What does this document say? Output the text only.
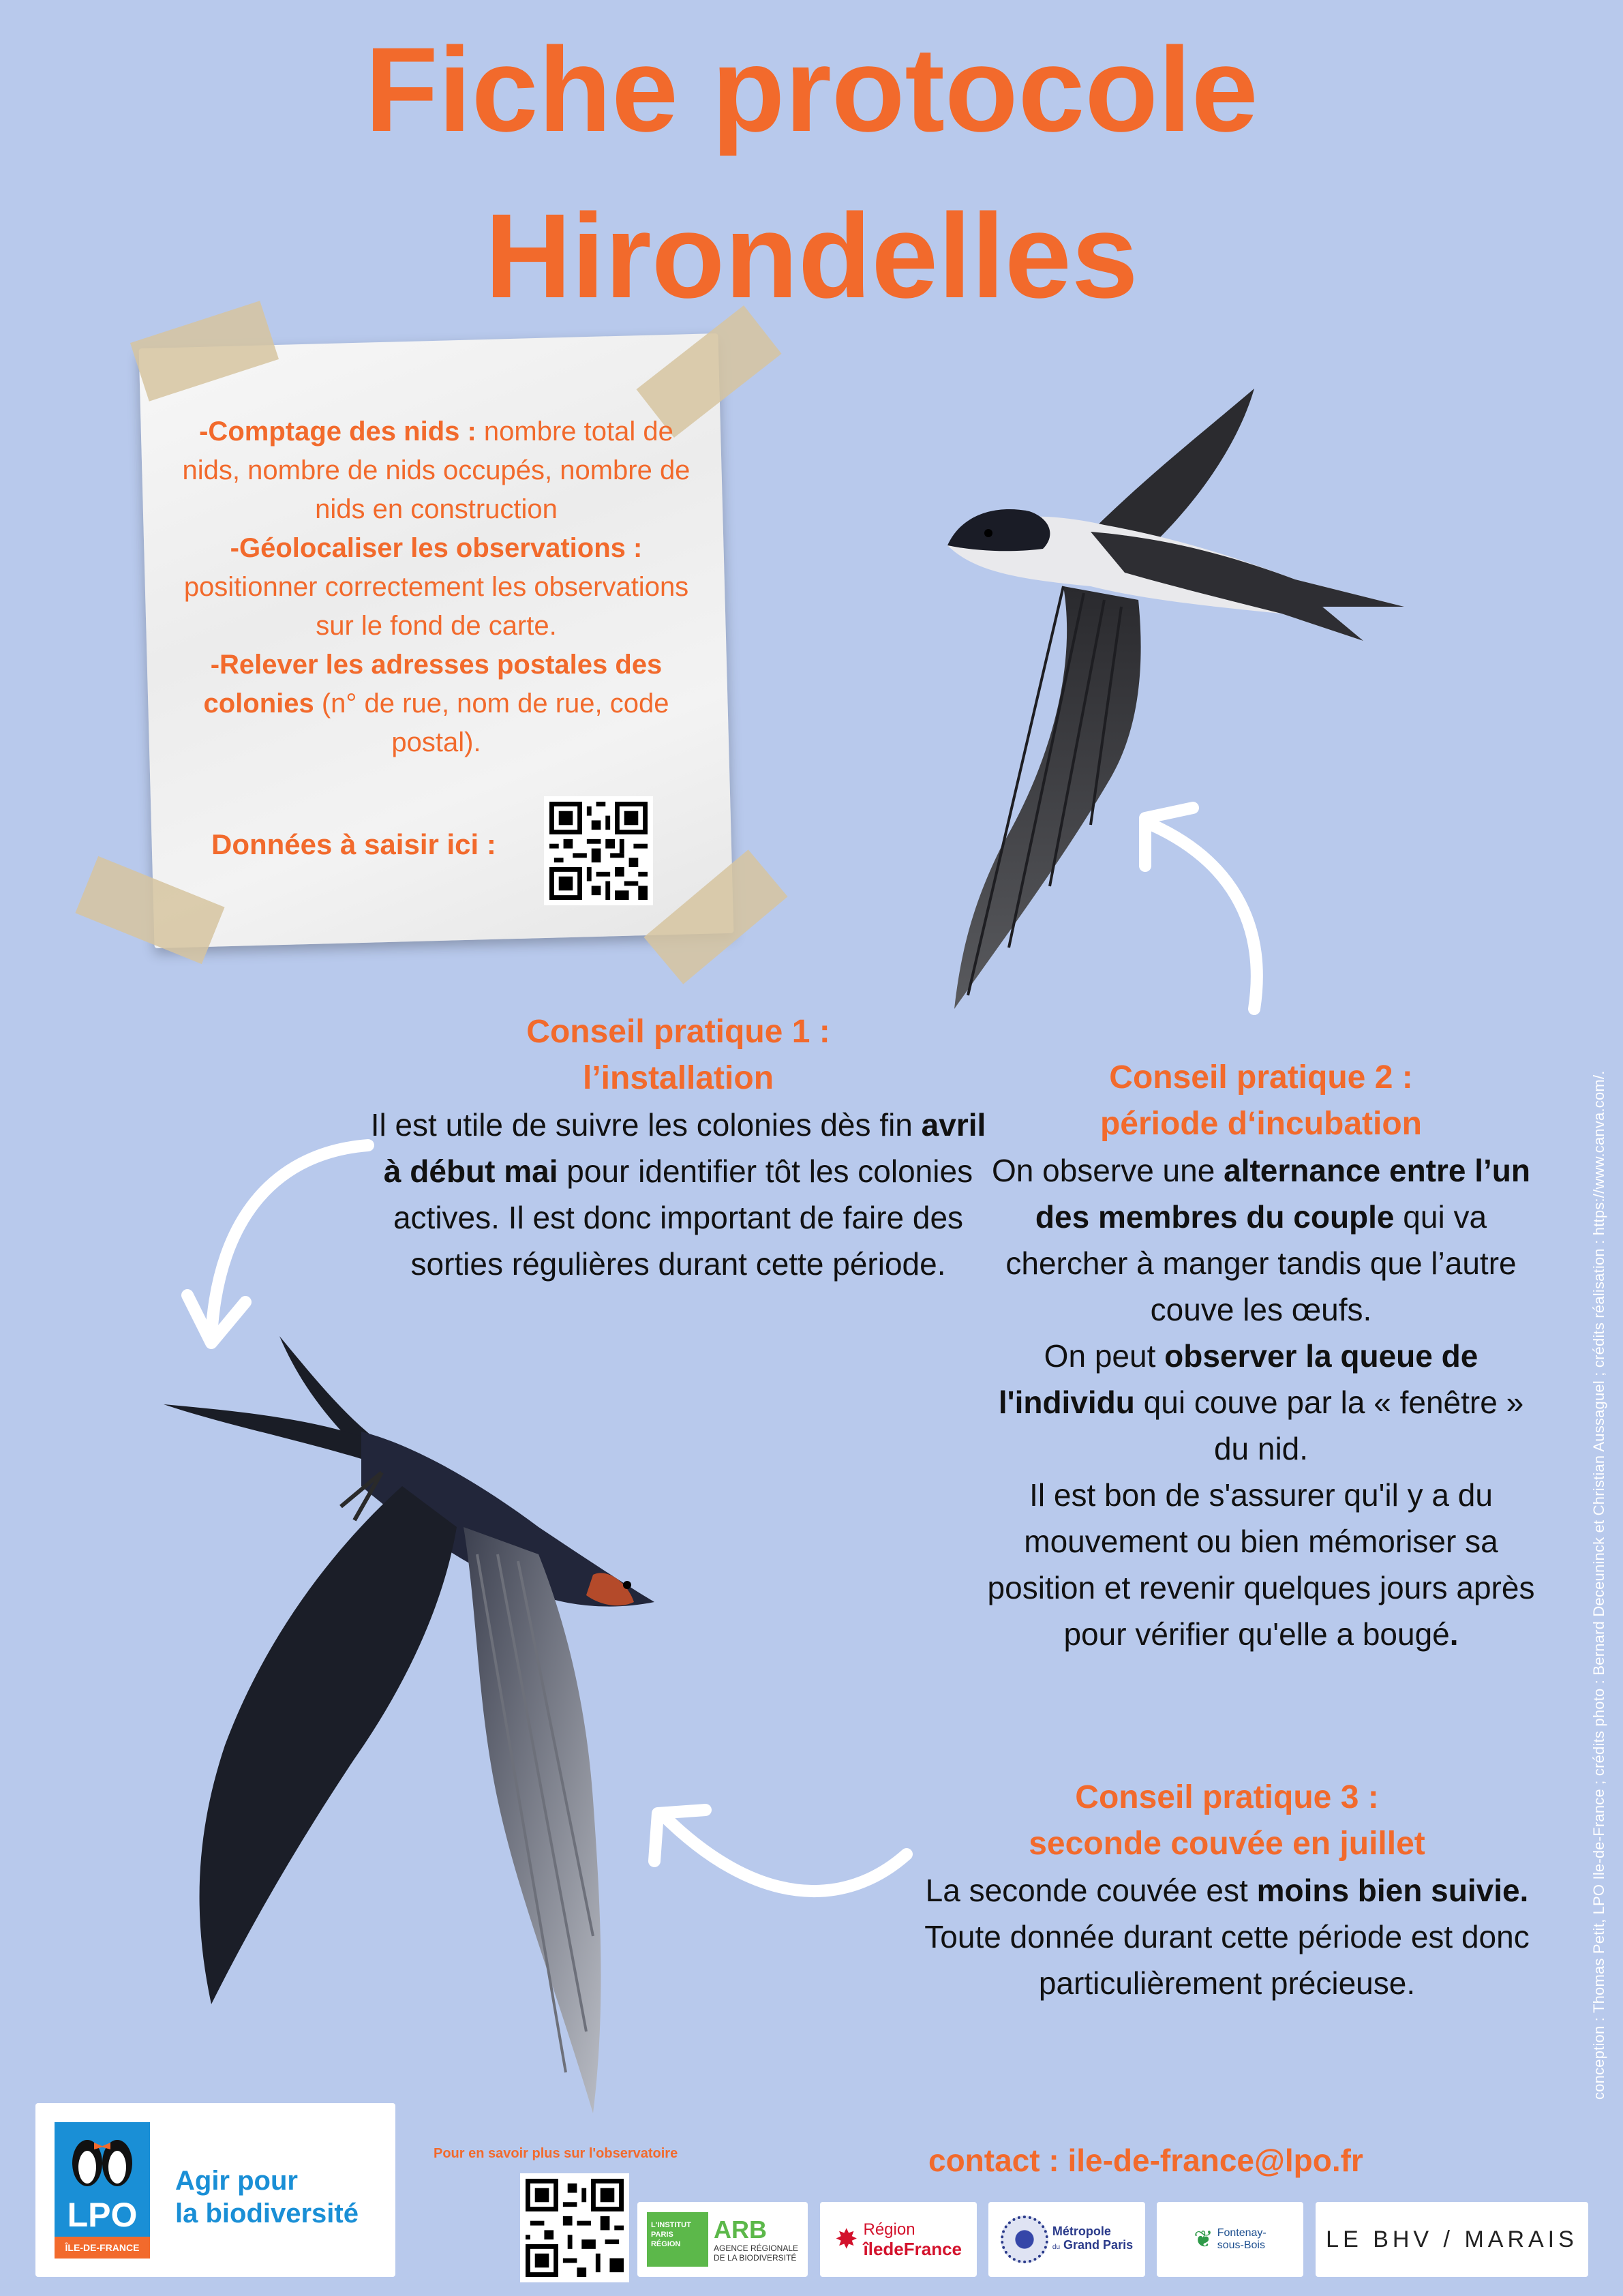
Fiche protocole
Hirondelles
-Comptage des nids : nombre total de nids, nombre de nids occupés, nombre de nids en construction
-Géolocaliser les observations : positionner correctement les observations sur le fond de carte.
-Relever les adresses postales des colonies (n° de rue, nom de rue, code postal).
Données à saisir ici :
Conseil pratique 1 :
l’installation
Il est utile de suivre les colonies dès fin avril à début mai pour identifier tôt les colonies actives. Il est donc important de faire des sorties régulières durant cette période.
Conseil pratique 2 :
période d‘incubation
On observe une alternance entre l’un des membres du couple qui va chercher à manger tandis que l’autre couve les œufs.
On peut observer la queue de l'individu qui couve par la « fenêtre » du nid.
Il est bon de s'assurer qu'il y a du mouvement ou bien mémoriser sa position et revenir quelques jours après pour vérifier qu'elle a bougé.
Conseil pratique 3 :
seconde couvée en juillet
La seconde couvée est moins bien suivie.
Toute donnée durant cette période est donc particulièrement précieuse.	conception : Thomas Petit, LPO Ile-de-France ; crédits photo : Bernard Deceuninck et Christian Aussaguel ; crédits réalisation : https://www.canva.com/.
LPO
ÎLE-DE-FRANCE
Agir pour
la biodiversité
Pour en savoir plus sur l'observatoire	contact : ile-de-france@lpo.fr
L'INSTITUT
PARIS
RÉGION
ARB
AGENCE RÉGIONALE
DE LA BIODIVERSITÉ
✸ Région
îledeFrance
Métropole
du Grand Paris	❦ Fontenay-
sous-Bois	LE BHV / MARAIS
